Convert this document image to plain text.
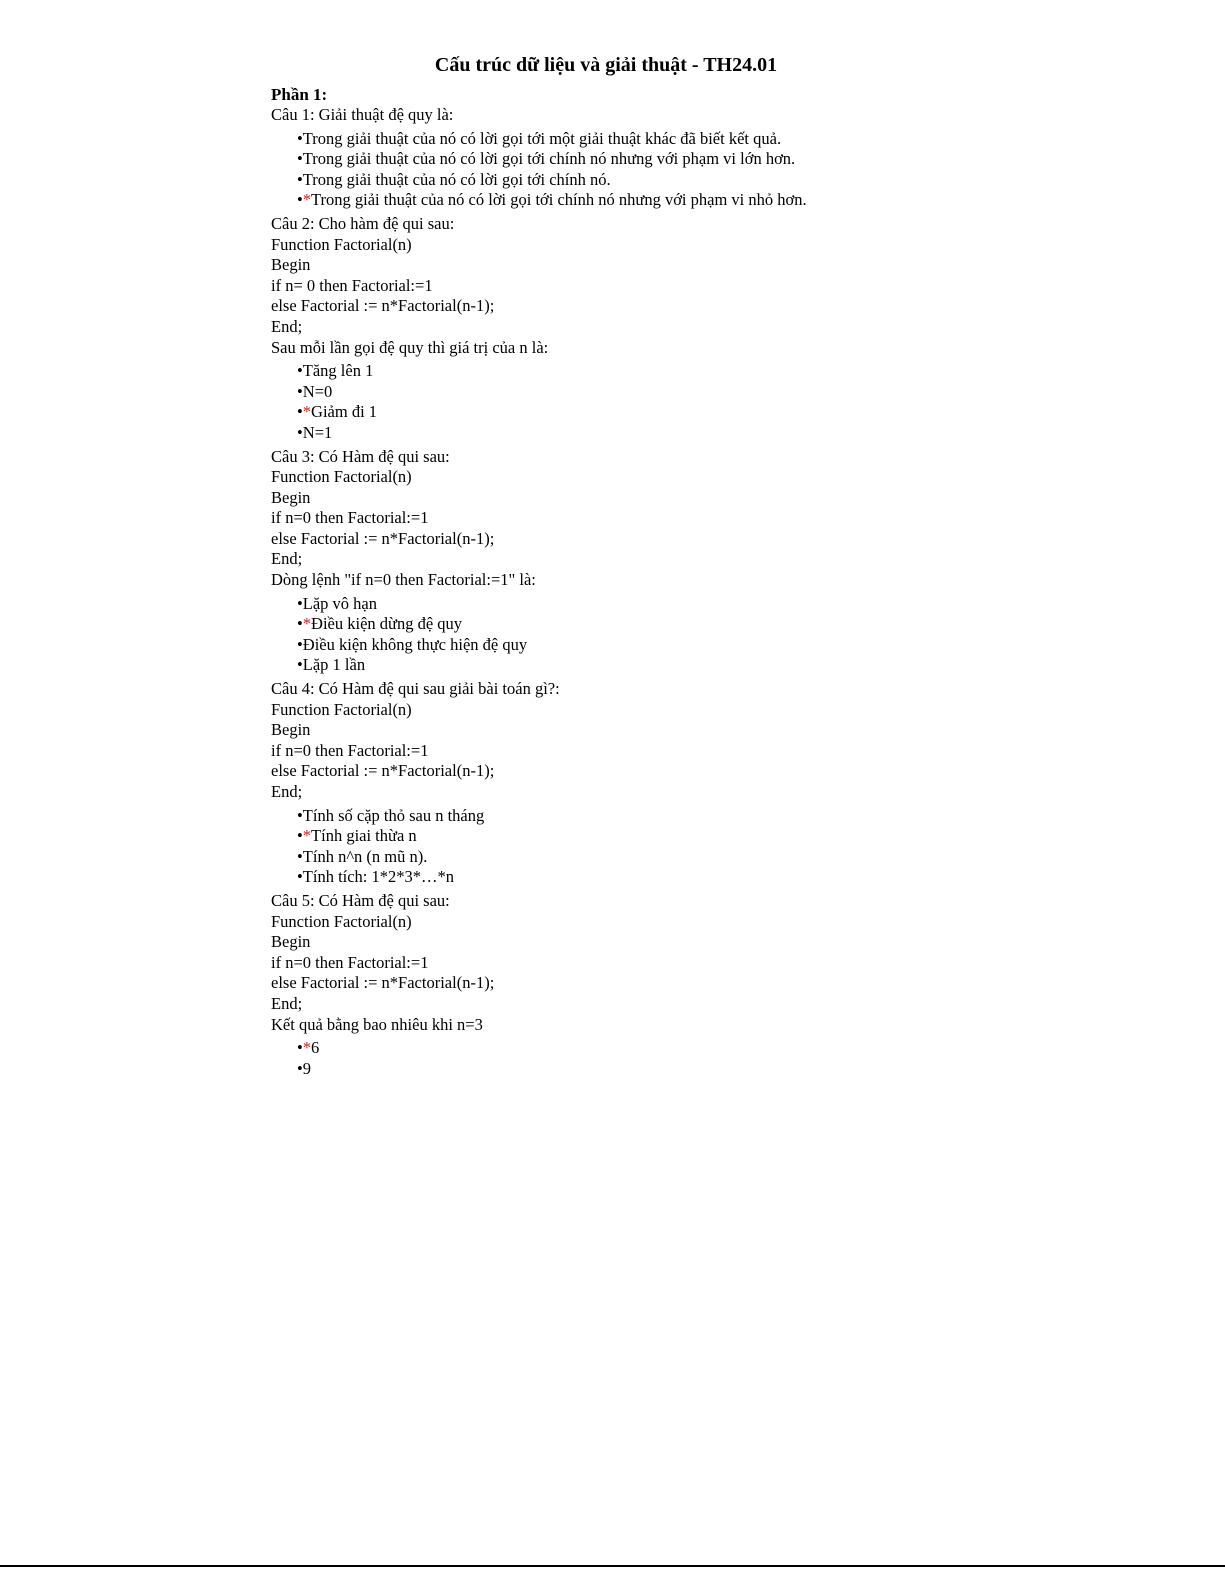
Cấu trúc dữ liệu và giải thuật - TH24.01
Phần 1:
Câu 1: Giải thuật đệ quy là:
•Trong giải thuật của nó có lời gọi tới một giải thuật khác đã biết kết quả.
•Trong giải thuật của nó có lời gọi tới chính nó nhưng với phạm vi lớn hơn.
•Trong giải thuật của nó có lời gọi tới chính nó.
•*Trong giải thuật của nó có lời gọi tới chính nó nhưng với phạm vi nhỏ hơn.
Câu 2: Cho hàm đệ qui sau:
Function Factorial(n)
Begin
if n= 0 then Factorial:=1
else Factorial := n*Factorial(n-1);
End;
Sau mỗi lần gọi đệ quy thì giá trị của n là:
•Tăng lên 1
•N=0
•*Giảm đi 1
•N=1
Câu 3: Có Hàm đệ qui sau:
Function Factorial(n)
Begin
if n=0 then Factorial:=1
else Factorial := n*Factorial(n-1);
End;
Dòng lệnh "if n=0 then Factorial:=1" là:
•Lặp vô hạn
•*Điều kiện dừng đệ quy
•Điều kiện không thực hiện đệ quy
•Lặp 1 lần
Câu 4: Có Hàm đệ qui sau giải bài toán gì?:
Function Factorial(n)
Begin
if n=0 then Factorial:=1
else Factorial := n*Factorial(n-1);
End;
•Tính số cặp thỏ sau n tháng
•*Tính giai thừa n
•Tính n^n (n mũ n).
•Tính tích: 1*2*3*…*n
Câu 5: Có Hàm đệ qui sau:
Function Factorial(n)
Begin
if n=0 then Factorial:=1
else Factorial := n*Factorial(n-1);
End;
Kết quả bằng bao nhiêu khi n=3
•*6
•9
